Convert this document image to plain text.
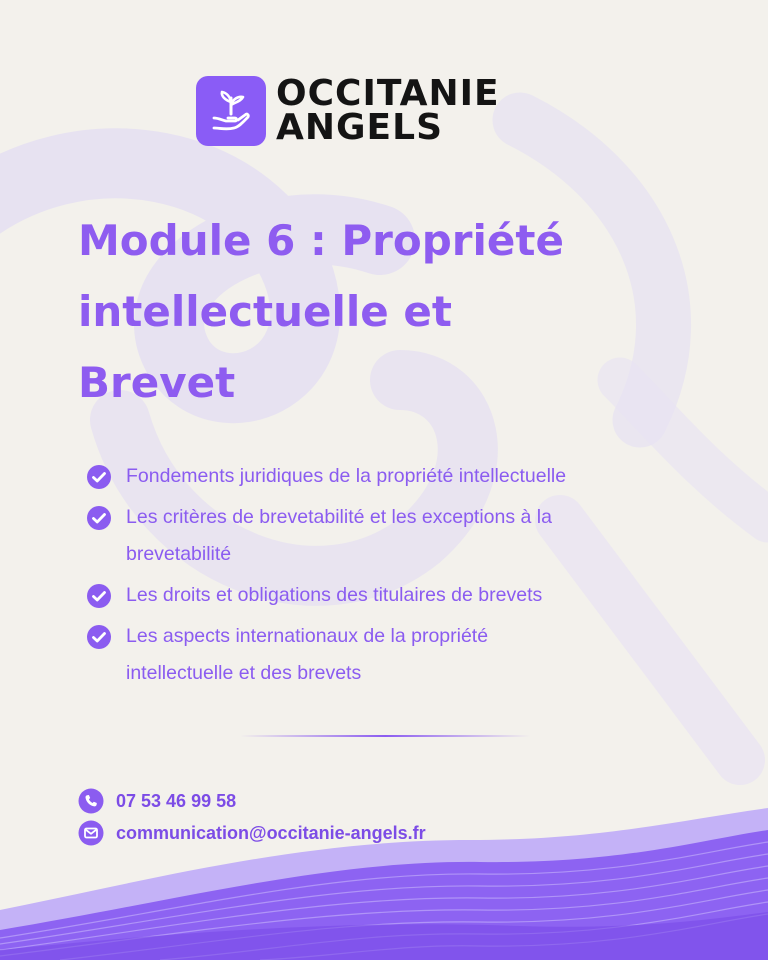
OCCITANIE
ANGELS
Module 6 : Propriété
intellectuelle et
Brevet
Fondements juridiques de la propriété intellectuelle
Les critères de brevetabilité et les exceptions à la
brevetabilité
Les droits et obligations des titulaires de brevets
Les aspects internationaux de la propriété
intellectuelle et des brevets
07 53 46 99 58
communication@occitanie-angels.fr
